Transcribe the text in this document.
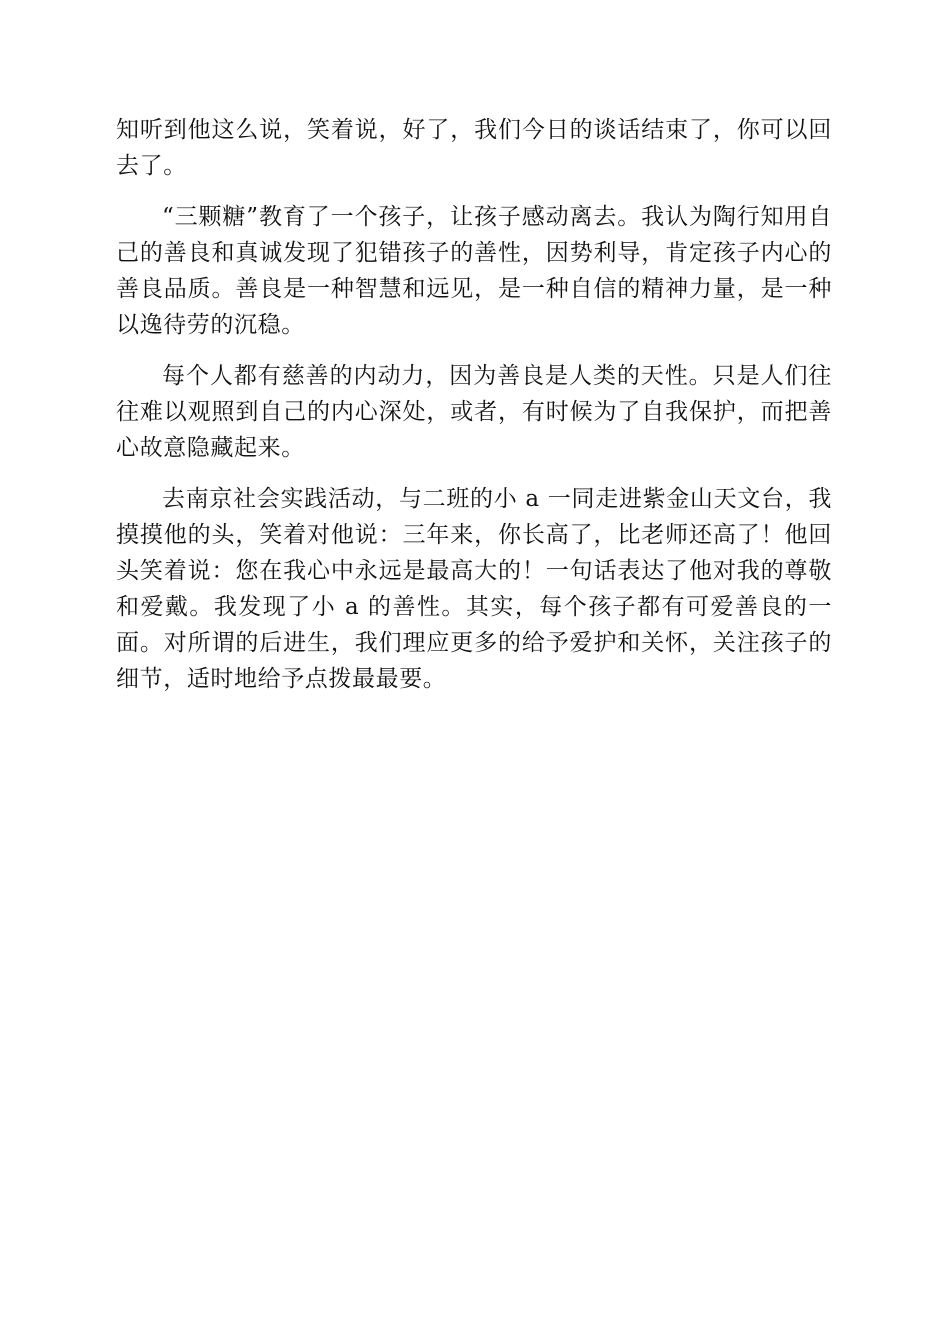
知听到他这么说，笑着说，好了，我们今日的谈话结束了，你可以回去了。

“三颗糖”教育了一个孩子，让孩子感动离去。我认为陶行知用自己的善良和真诚发现了犯错孩子的善性，因势利导，肯定孩子内心的善良品质。善良是一种智慧和远见，是一种自信的精神力量，是一种以逸待劳的沉稳。

每个人都有慈善的内动力，因为善良是人类的天性。只是人们往往难以观照到自己的内心深处，或者，有时候为了自我保护，而把善心故意隐藏起来。

去南京社会实践活动，与二班的小 a 一同走进紫金山天文台，我摸摸他的头，笑着对他说：三年来，你长高了，比老师还高了！他回头笑着说：您在我心中永远是最高大的！一句话表达了他对我的尊敬和爱戴。我发现了小 a 的善性。其实，每个孩子都有可爱善良的一面。对所谓的后进生，我们理应更多的给予爱护和关怀，关注孩子的细节，适时地给予点拨最最要。
